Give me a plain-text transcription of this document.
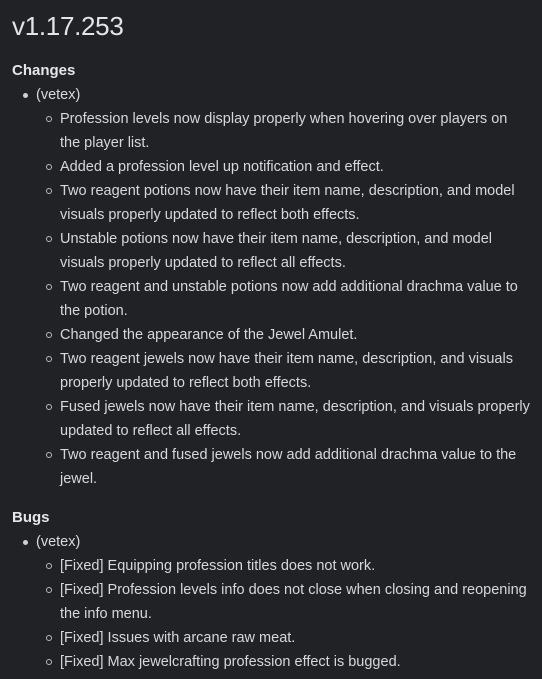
v1.17.253
Changes
(vetex)
Profession levels now display properly when hovering over players on the player list.
Added a profession level up notification and effect.
Two reagent potions now have their item name, description, and model visuals properly updated to reflect both effects.
Unstable potions now have their item name, description, and model visuals properly updated to reflect all effects.
Two reagent and unstable potions now add additional drachma value to the potion.
Changed the appearance of the Jewel Amulet.
Two reagent jewels now have their item name, description, and visuals properly updated to reflect both effects.
Fused jewels now have their item name, description, and visuals properly updated to reflect all effects.
Two reagent and fused jewels now add additional drachma value to the jewel.
Bugs
(vetex)
[Fixed] Equipping profession titles does not work.
[Fixed] Profession levels info does not close when closing and reopening the info menu.
[Fixed] Issues with arcane raw meat.
[Fixed] Max jewelcrafting profession effect is bugged.
